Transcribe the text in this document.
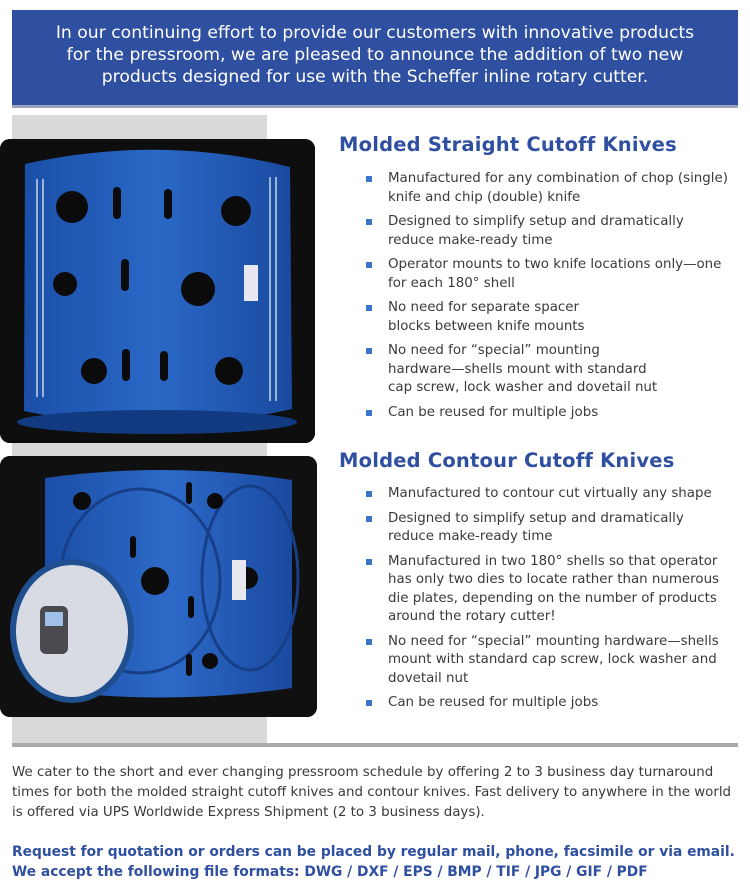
In our continuing effort to provide our customers with innovative products
for the pressroom, we are pleased to announce the addition of two new
products designed for use with the Scheffer inline rotary cutter.
Molded Straight Cutoff Knives
Manufactured for any combination of chop (single) knife and chip (double) knife
Designed to simplify setup and dramatically reduce make-ready time
Operator mounts to two knife locations only—one for each 180° shell
No need for separate spacer blocks between knife mounts
No need for “special” mounting hardware—shells mount with standard cap screw, lock washer and dovetail nut
Can be reused for multiple jobs
Molded Contour Cutoff Knives
Manufactured to contour cut virtually any shape
Designed to simplify setup and dramatically reduce make-ready time
Manufactured in two 180° shells so that operator has only two dies to locate rather than numerous die plates, depending on the number of products around the rotary cutter!
No need for “special” mounting hardware—shells mount with standard cap screw, lock washer and dovetail nut
Can be reused for multiple jobs

We cater to the short and ever changing pressroom schedule by offering 2 to 3 business day turnaround times for both the molded straight cutoff knives and contour knives. Fast delivery to anywhere in the world is offered via UPS Worldwide Express Shipment (2 to 3 business days).

Request for quotation or orders can be placed by regular mail, phone, facsimile or via email.
We accept the following file formats: DWG / DXF / EPS / BMP / TIF / JPG / GIF / PDF
